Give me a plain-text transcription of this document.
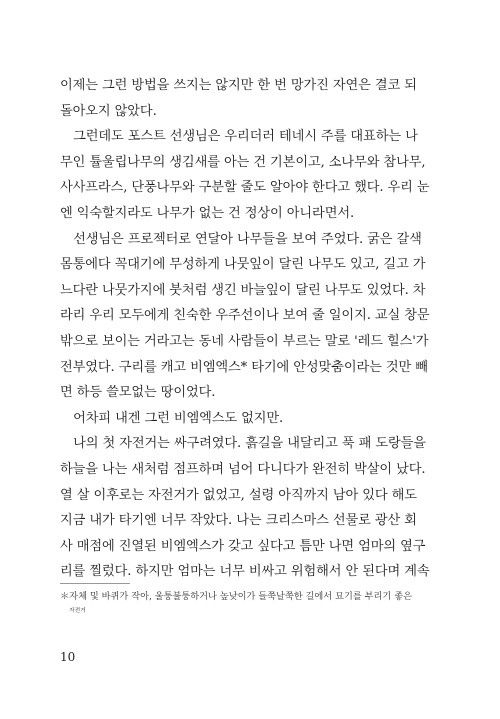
이제는 그런 방법을 쓰지는 않지만 한 번 망가진 자연은 결코 되
돌아오지 않았다.
　그런데도 포스트 선생님은 우리더러 테네시 주를 대표하는 나
무인 튤울립나무의 생김새를 아는 건 기본이고, 소나무와 참나무,
사사프라스, 단풍나무와 구분할 줄도 알아야 한다고 했다. 우리 눈
엔 익숙할지라도 나무가 없는 건 정상이 아니라면서.
　선생님은 프로젝터로 연달아 나무들을 보여 주었다. 굵은 갈색
몸통에다 꼭대기에 무성하게 나뭇잎이 달린 나무도 있고, 길고 가
느다란 나뭇가지에 붓처럼 생긴 바늘잎이 달린 나무도 있었다. 차
라리 우리 모두에게 친숙한 우주선이나 보여 줄 일이지. 교실 창문
밖으로 보이는 거라고는 동네 사람들이 부르는 말로 '레드 힐스'가
전부였다. 구리를 캐고 비엠엑스* 타기에 안성맞춤이라는 것만 빼
면 하등 쓸모없는 땅이었다.
　어차피 내겐 그런 비엠엑스도 없지만.
　나의 첫 자전거는 싸구려였다. 흙길을 내달리고 푹 패 도랑들을
하늘을 나는 새처럼 점프하며 넘어 다니다가 완전히 박살이 났다.
열 살 이후로는 자전거가 없었고, 설령 아직까지 남아 있다 해도
지금 내가 타기엔 너무 작았다. 나는 크리스마스 선물로 광산 회
사 매점에 진열된 비엠엑스가 갖고 싶다고 틈만 나면 엄마의 옆구
리를 찔렀다. 하지만 엄마는 너무 비싸고 위험해서 안 된다며 계속
＊자체 및 바퀴가 작아, 울퉁불퉁하거나 높낮이가 들쭉날쭉한 길에서 묘기를 부리기 좋은
자전거
10
